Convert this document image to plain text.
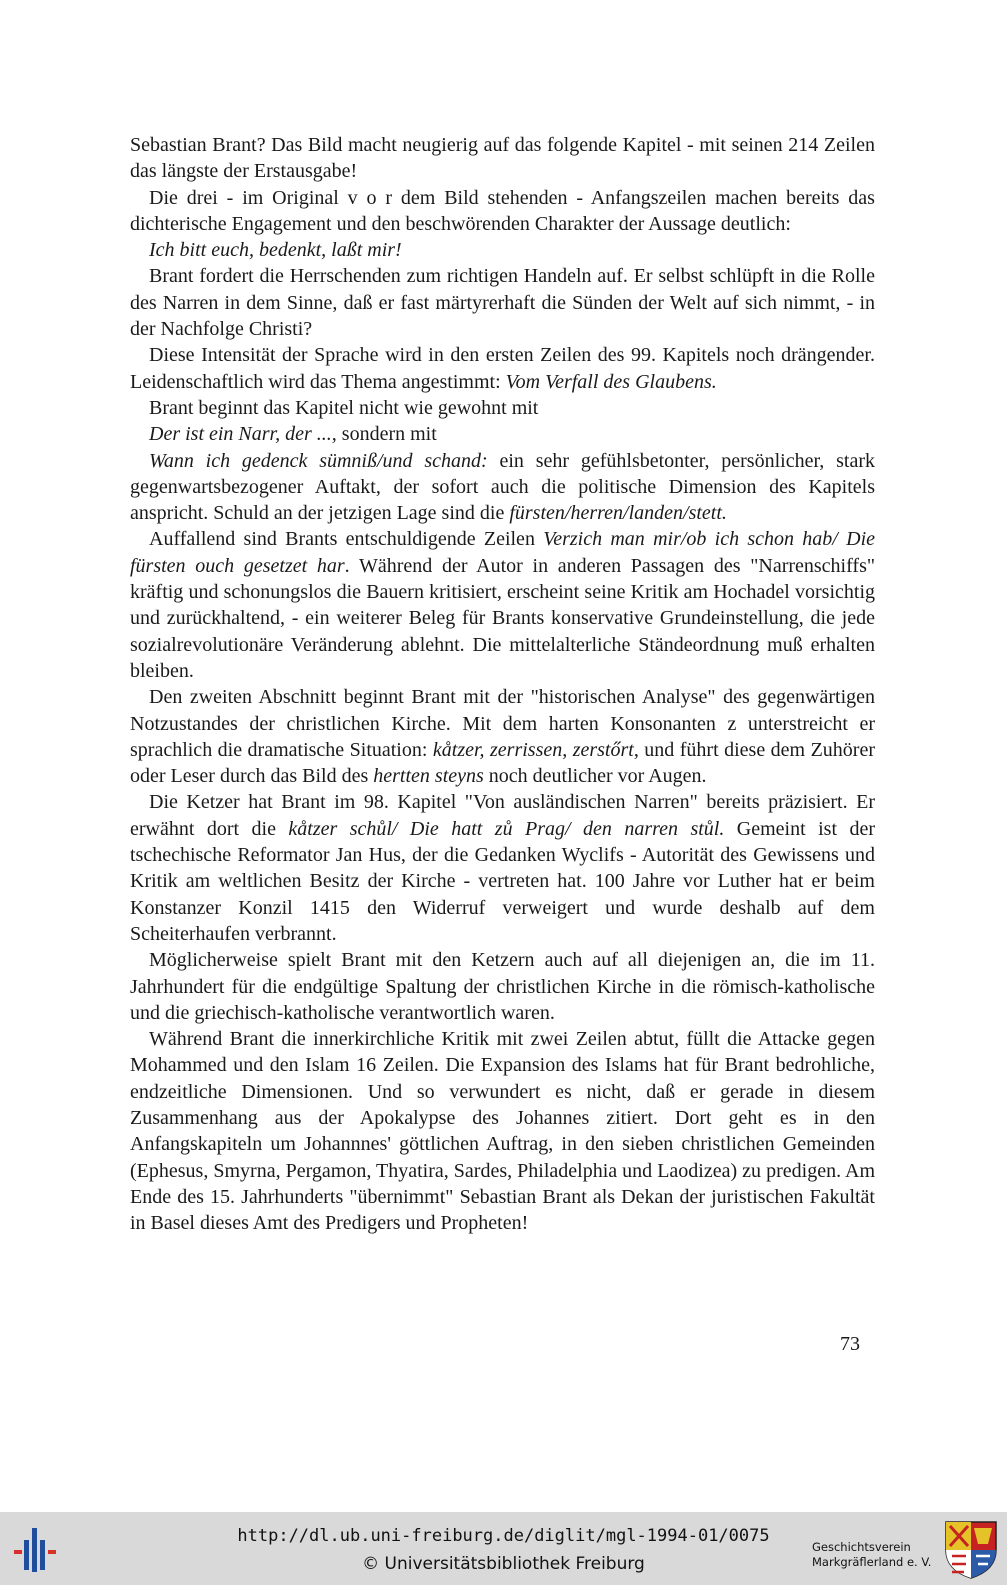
Sebastian Brant? Das Bild macht neugierig auf das folgende Kapitel - mit seinen 214 Zeilen das längste der Erstausgabe!

Die drei - im Original v o r dem Bild stehenden - Anfangszeilen machen bereits das dichterische Engagement und den beschwörenden Charakter der Aussage deutlich:

Ich bitt euch, bedenkt, laßt mir!

Brant fordert die Herrschenden zum richtigen Handeln auf. Er selbst schlüpft in die Rolle des Narren in dem Sinne, daß er fast märtyrerhaft die Sünden der Welt auf sich nimmt, - in der Nachfolge Christi?

Diese Intensität der Sprache wird in den ersten Zeilen des 99. Kapitels noch drängender. Leidenschaftlich wird das Thema angestimmt: Vom Verfall des Glaubens.

Brant beginnt das Kapitel nicht wie gewohnt mit

Der ist ein Narr, der ..., sondern mit

Wann ich gedenck sümniß/und schand: ein sehr gefühlsbetonter, persönlicher, stark gegenwartsbezogener Auftakt, der sofort auch die politische Dimension des Kapitels anspricht. Schuld an der jetzigen Lage sind die fürsten/herren/landen/stett.

Auffallend sind Brants entschuldigende Zeilen Verzich man mir/ob ich schon hab/ Die fürsten ouch gesetzet har. Während der Autor in anderen Passagen des "Narrenschiffs" kräftig und schonungslos die Bauern kritisiert, erscheint seine Kritik am Hochadel vorsichtig und zurückhaltend, - ein weiterer Beleg für Brants konservative Grundeinstellung, die jede sozialrevolutionäre Veränderung ablehnt. Die mittelalterliche Ständeordnung muß erhalten bleiben.

Den zweiten Abschnitt beginnt Brant mit der "historischen Analyse" des gegenwärtigen Notzustandes der christlichen Kirche. Mit dem harten Konsonanten z unterstreicht er sprachlich die dramatische Situation: kåtzer, zerrissen, zerstőrt, und führt diese dem Zuhörer oder Leser durch das Bild des hertten steyns noch deutlicher vor Augen.

Die Ketzer hat Brant im 98. Kapitel "Von ausländischen Narren" bereits präzisiert. Er erwähnt dort die kåtzer schůl/ Die hatt zů Prag/ den narren stůl. Gemeint ist der tschechische Reformator Jan Hus, der die Gedanken Wyclifs - Autorität des Gewissens und Kritik am weltlichen Besitz der Kirche - vertreten hat. 100 Jahre vor Luther hat er beim Konstanzer Konzil 1415 den Widerruf verweigert und wurde deshalb auf dem Scheiterhaufen verbrannt.

Möglicherweise spielt Brant mit den Ketzern auch auf all diejenigen an, die im 11. Jahrhundert für die endgültige Spaltung der christlichen Kirche in die römisch-katholische und die griechisch-katholische verantwortlich waren.

Während Brant die innerkirchliche Kritik mit zwei Zeilen abtut, füllt die Attacke gegen Mohammed und den Islam 16 Zeilen. Die Expansion des Islams hat für Brant bedrohliche, endzeitliche Dimensionen. Und so verwundert es nicht, daß er gerade in diesem Zusammenhang aus der Apokalypse des Johannes zitiert. Dort geht es in den Anfangskapiteln um Johannnes' göttlichen Auftrag, in den sieben christlichen Gemeinden (Ephesus, Smyrna, Pergamon, Thyatira, Sardes, Philadelphia und Laodizea) zu predigen. Am Ende des 15. Jahrhunderts "übernimmt" Sebastian Brant als Dekan der juristischen Fakultät in Basel dieses Amt des Predigers und Propheten!

73
http://dl.ub.uni-freiburg.de/diglit/mgl-1994-01/0075
© Universitätsbibliothek Freiburg
Geschichtsverein
Markgräflerland e. V.
